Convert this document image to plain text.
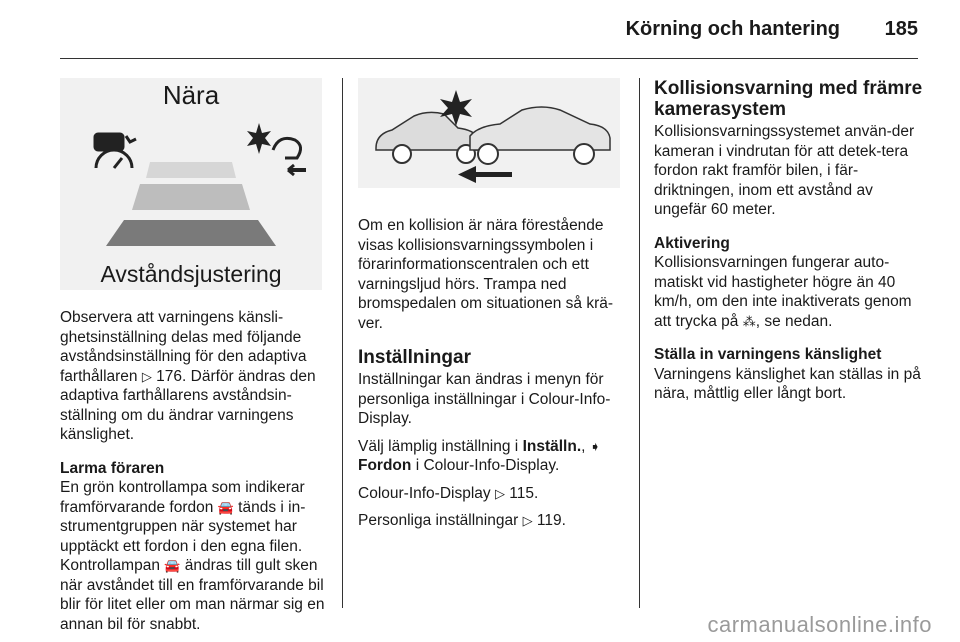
Körning och hantering 185
Nära
Avståndsjustering

Observera att varningens känsli-ghetsinställning delas med följande avståndsinställning för den adaptiva farthållaren ▷ 176. Därför ändras den adaptiva farthållarens avståndsin-ställning om du ändrar varningens känslighet.

Larma föraren
En grön kontrollampa som indikerar framförvarande fordon 🚘 tänds i in-strumentgruppen när systemet har upptäckt ett fordon i den egna filen. Kontrollampan 🚘 ändras till gult sken när avståndet till en framförvarande bil blir för litet eller om man närmar sig en annan bil för snabbt.

Om en kollision är nära förestående visas kollisionsvarningssymbolen i förarinformationscentralen och ett varningsljud hörs. Trampa ned bromspedalen om situationen så krä-ver.

Inställningar

Inställningar kan ändras i menyn för personliga inställningar i Colour-Info-Display.

Välj lämplig inställning i Inställn., ➧ Fordon i Colour-Info-Display.

Colour-Info-Display ▷ 115.

Personliga inställningar ▷ 119.

Kollisionsvarning med främre kamerasystem

Kollisionsvarningssystemet använ-der kameran i vindrutan för att detek-tera fordon rakt framför bilen, i fär-driktningen, inom ett avstånd av ungefär 60 meter.

Aktivering
Kollisionsvarningen fungerar auto-matiskt vid hastigheter högre än 40 km/h, om den inte inaktiverats genom att trycka på ⁂, se nedan.

Ställa in varningens känslighet
Varningens känslighet kan ställas in på nära, måttlig eller långt bort.

carmanualsonline.info
